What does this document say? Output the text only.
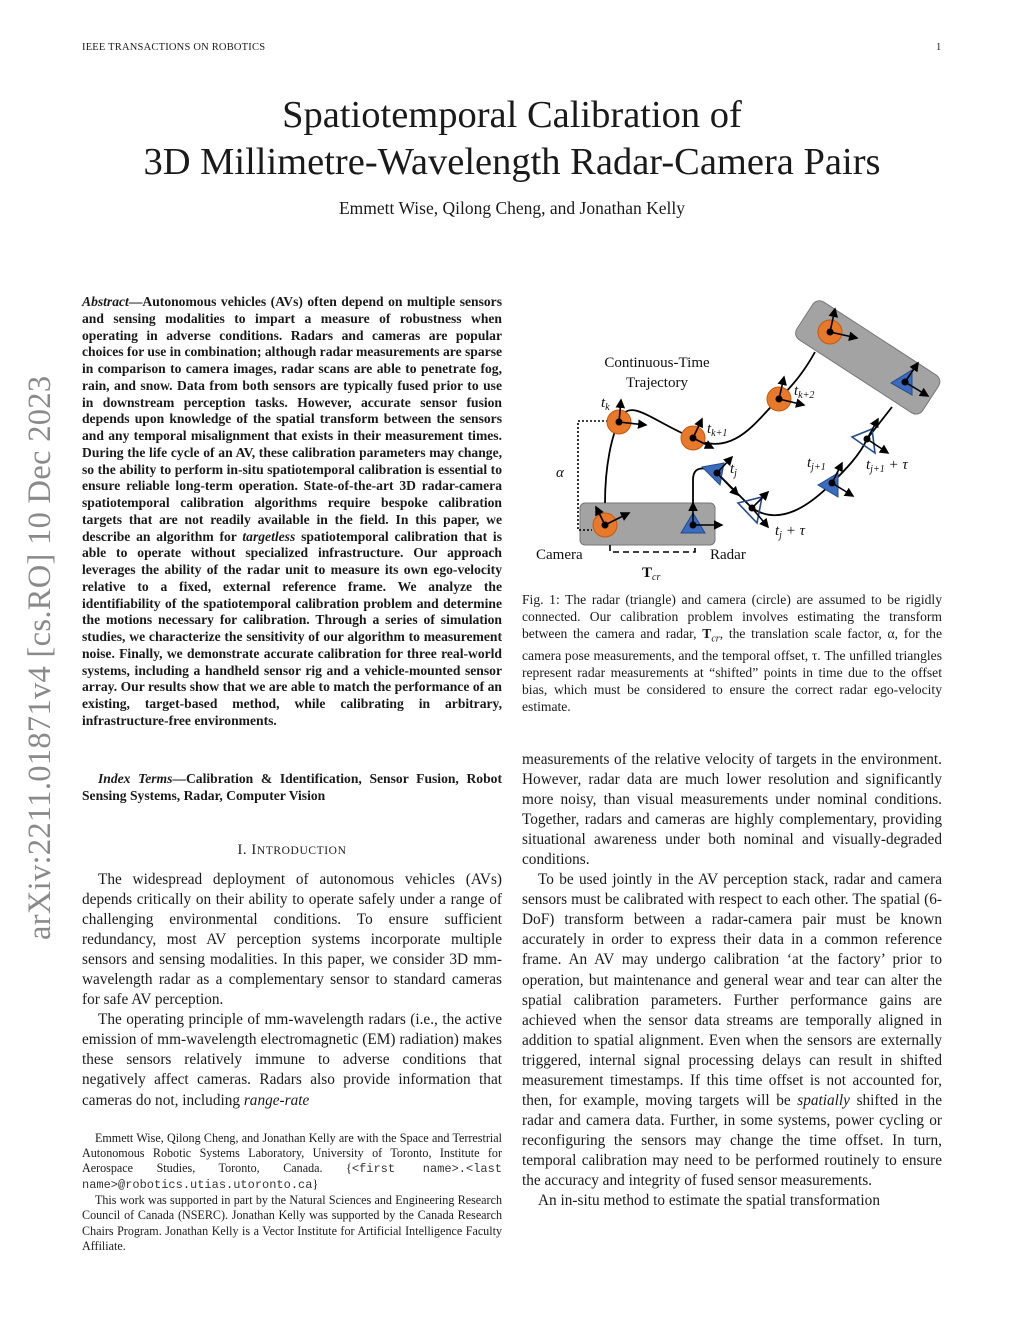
IEEE TRANSACTIONS ON ROBOTICS	1
Spatiotemporal Calibration of
3D Millimetre-Wavelength Radar-Camera Pairs
Emmett Wise, Qilong Cheng, and Jonathan Kelly
arXiv:2211.01871v4 [cs.RO] 10 Dec 2023
Abstract—Autonomous vehicles (AVs) often depend on multiple sensors and sensing modalities to impart a measure of robustness when operating in adverse conditions. Radars and cameras are popular choices for use in combination; although radar measurements are sparse in comparison to camera images, radar scans are able to penetrate fog, rain, and snow. Data from both sensors are typically fused prior to use in downstream perception tasks. However, accurate sensor fusion depends upon knowledge of the spatial transform between the sensors and any temporal misalignment that exists in their measurement times. During the life cycle of an AV, these calibration parameters may change, so the ability to perform in-situ spatiotemporal calibration is essential to ensure reliable long-term operation. State-of-the-art 3D radar-camera spatiotemporal calibration algorithms require bespoke calibration targets that are not readily available in the field. In this paper, we describe an algorithm for targetless spatiotemporal calibration that is able to operate without specialized infrastructure. Our approach leverages the ability of the radar unit to measure its own ego-velocity relative to a fixed, external reference frame. We analyze the identifiability of the spatiotemporal calibration problem and determine the motions necessary for calibration. Through a series of simulation studies, we characterize the sensitivity of our algorithm to measurement noise. Finally, we demonstrate accurate calibration for three real-world systems, including a handheld sensor rig and a vehicle-mounted sensor array. Our results show that we are able to match the performance of an existing, target-based method, while calibrating in arbitrary, infrastructure-free environments.
Index Terms—Calibration & Identification, Sensor Fusion, Robot Sensing Systems, Radar, Computer Vision
I. INTRODUCTION

The widespread deployment of autonomous vehicles (AVs) depends critically on their ability to operate safely under a range of challenging environmental conditions. To ensure sufficient redundancy, most AV perception systems incorporate multiple sensors and sensing modalities. In this paper, we consider 3D mm-wavelength radar as a complementary sensor to standard cameras for safe AV perception.

The operating principle of mm-wavelength radars (i.e., the active emission of mm-wavelength electromagnetic (EM) radiation) makes these sensors relatively immune to adverse conditions that negatively affect cameras. Radars also provide information that cameras do not, including range-rate

Emmett Wise, Qilong Cheng, and Jonathan Kelly are with the Space and Terrestrial Autonomous Robotic Systems Laboratory, University of Toronto, Institute for Aerospace Studies, Toronto, Canada. {<first name>.<last name>@robotics.utias.utoronto.ca}

This work was supported in part by the Natural Sciences and Engineering Research Council of Canada (NSERC). Jonathan Kelly was supported by the Canada Research Chairs Program. Jonathan Kelly is a Vector Institute for Artificial Intelligence Faculty Affiliate.

Continuous-Time
Trajectory
$t_k$
$t_{k+1}$
$t_{k+2}$
$t_j$
$t_{j+1}$	$t_{j+1} + \tau$
$t_j + \tau$
α
Camera	Radar
$T_{cr}$
Fig. 1: The radar (triangle) and camera (circle) are assumed to be rigidly connected. Our calibration problem involves estimating the transform between the camera and radar, $T_{cr}$, the translation scale factor, α, for the camera pose measurements, and the temporal offset, τ. The unfilled triangles represent radar measurements at “shifted” points in time due to the offset bias, which must be considered to ensure the correct radar ego-velocity estimate.

measurements of the relative velocity of targets in the environment. However, radar data are much lower resolution and significantly more noisy, than visual measurements under nominal conditions. Together, radars and cameras are highly complementary, providing situational awareness under both nominal and visually-degraded conditions.

To be used jointly in the AV perception stack, radar and camera sensors must be calibrated with respect to each other. The spatial (6-DoF) transform between a radar-camera pair must be known accurately in order to express their data in a common reference frame. An AV may undergo calibration ‘at the factory’ prior to operation, but maintenance and general wear and tear can alter the spatial calibration parameters. Further performance gains are achieved when the sensor data streams are temporally aligned in addition to spatial alignment. Even when the sensors are externally triggered, internal signal processing delays can result in shifted measurement timestamps. If this time offset is not accounted for, then, for example, moving targets will be spatially shifted in the radar and camera data. Further, in some systems, power cycling or reconfiguring the sensors may change the time offset. In turn, temporal calibration may need to be performed routinely to ensure the accuracy and integrity of fused sensor measurements.

An in-situ method to estimate the spatial transformation
